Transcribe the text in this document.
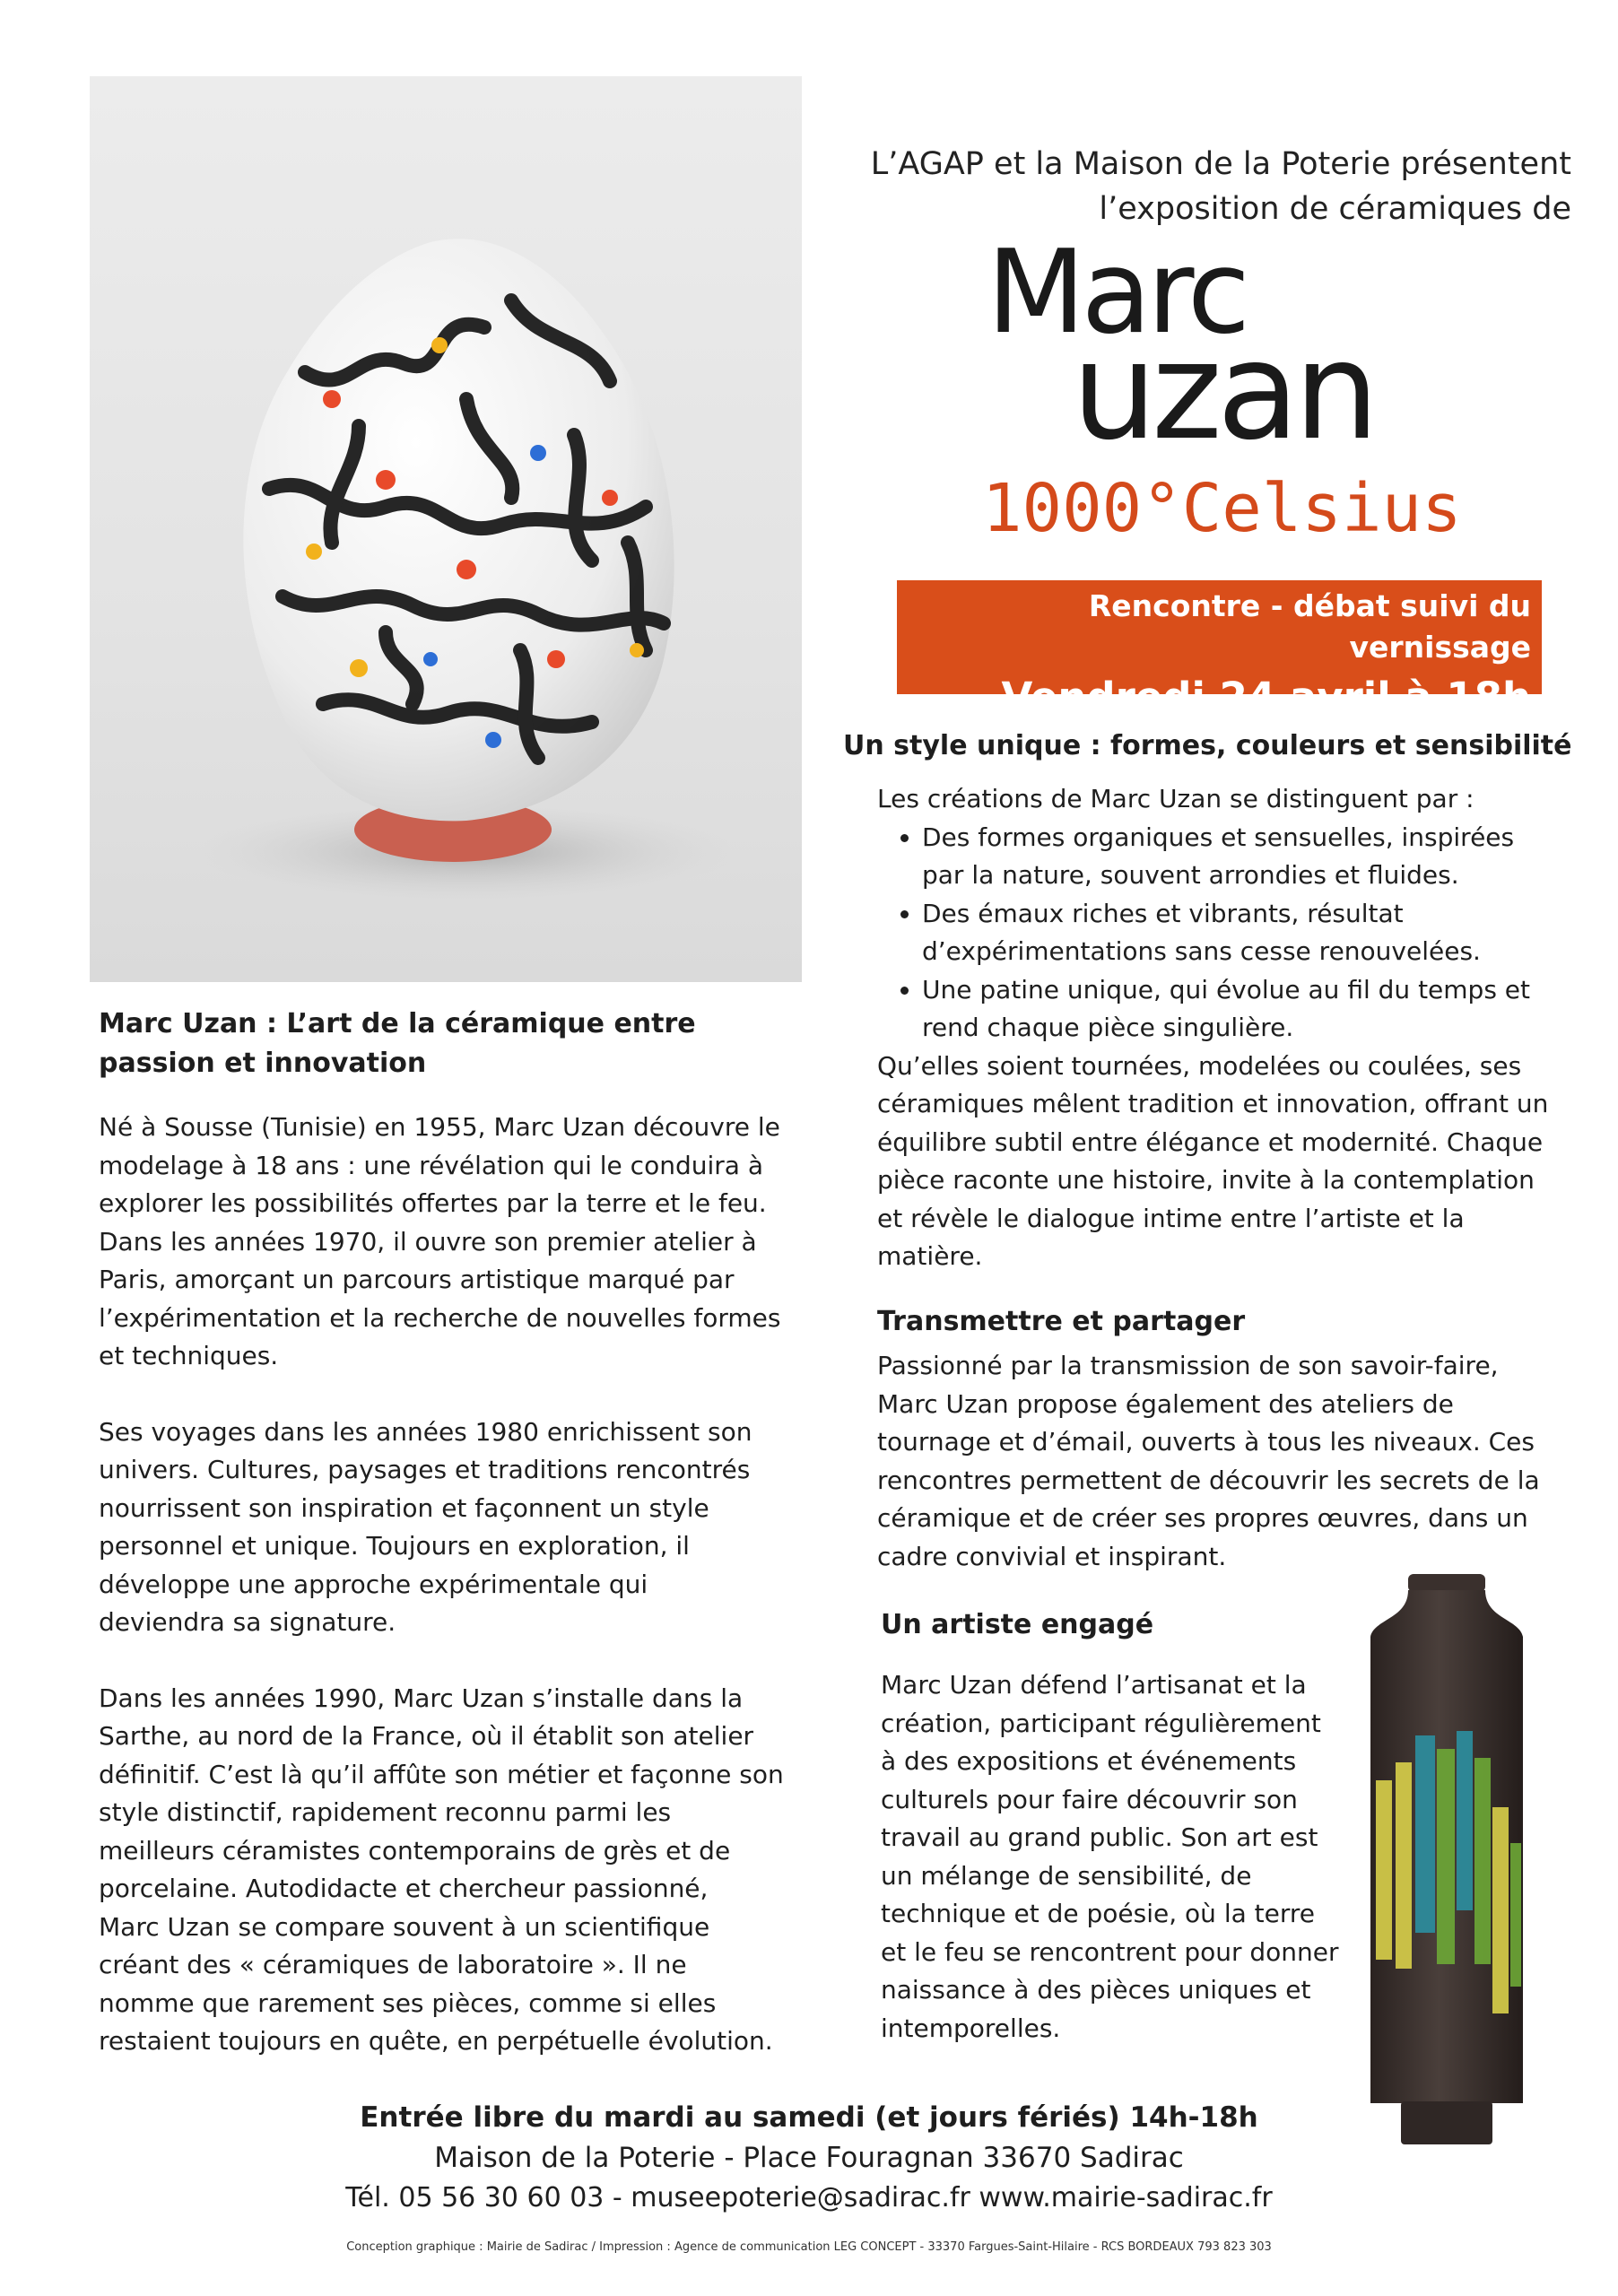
L’AGAP et la Maison de la Poterie présentent
l’exposition de céramiques de
Marc
uzan
1000°Celsius
Rencontre - débat suivi du vernissage
Vendredi 24 avril à 18h
Marc Uzan : L’art de la céramique entre
passion et innovation

Né à Sousse (Tunisie) en 1955, Marc Uzan découvre le

modelage à 18 ans : une révélation qui le conduira à

explorer les possibilités offertes par la terre et le feu.

Dans les années 1970, il ouvre son premier atelier à

Paris, amorçant un parcours artistique marqué par

l’expérimentation et la recherche de nouvelles formes

et techniques.

Ses voyages dans les années 1980 enrichissent son

univers. Cultures, paysages et traditions rencontrés

nourrissent son inspiration et façonnent un style

personnel et unique. Toujours en exploration, il

développe une approche expérimentale qui

deviendra sa signature.

Dans les années 1990, Marc Uzan s’installe dans la

Sarthe, au nord de la France, où il établit son atelier

définitif. C’est là qu’il affûte son métier et façonne son

style distinctif, rapidement reconnu parmi les

meilleurs céramistes contemporains de grès et de

porcelaine. Autodidacte et chercheur passionné,

Marc Uzan se compare souvent à un scientifique

créant des « céramiques de laboratoire ». Il ne

nomme que rarement ses pièces, comme si elles

restaient toujours en quête, en perpétuelle évolution.

Un style unique : formes, couleurs et sensibilité

Les créations de Marc Uzan se distinguent par :

• Des formes organiques et sensuelles, inspirées
par la nature, souvent arrondies et fluides.
• Des émaux riches et vibrants, résultat
d’expérimentations sans cesse renouvelées.
• Une patine unique, qui évolue au fil du temps et
rend chaque pièce singulière.

Qu’elles soient tournées, modelées ou coulées, ses

céramiques mêlent tradition et innovation, offrant un

équilibre subtil entre élégance et modernité. Chaque

pièce raconte une histoire, invite à la contemplation

et révèle le dialogue intime entre l’artiste et la

matière.

Transmettre et partager

Passionné par la transmission de son savoir-faire,

Marc Uzan propose également des ateliers de

tournage et d’émail, ouverts à tous les niveaux. Ces

rencontres permettent de découvrir les secrets de la

céramique et de créer ses propres œuvres, dans un

cadre convivial et inspirant.

Un artiste engagé

Marc Uzan défend l’artisanat et la

création, participant régulièrement

à des expositions et événements

culturels pour faire découvrir son

travail au grand public. Son art est

un mélange de sensibilité, de

technique et de poésie, où la terre

et le feu se rencontrent pour donner

naissance à des pièces uniques et

intemporelles.

Entrée libre du mardi au samedi (et jours fériés) 14h-18h
Maison de la Poterie - Place Fouragnan 33670 Sadirac
Tél. 05 56 30 60 03 - museepoterie@sadirac.fr www.mairie-sadirac.fr
Conception graphique : Mairie de Sadirac / Impression : Agence de communication LEG CONCEPT - 33370 Fargues-Saint-Hilaire - RCS BORDEAUX 793 823 303
